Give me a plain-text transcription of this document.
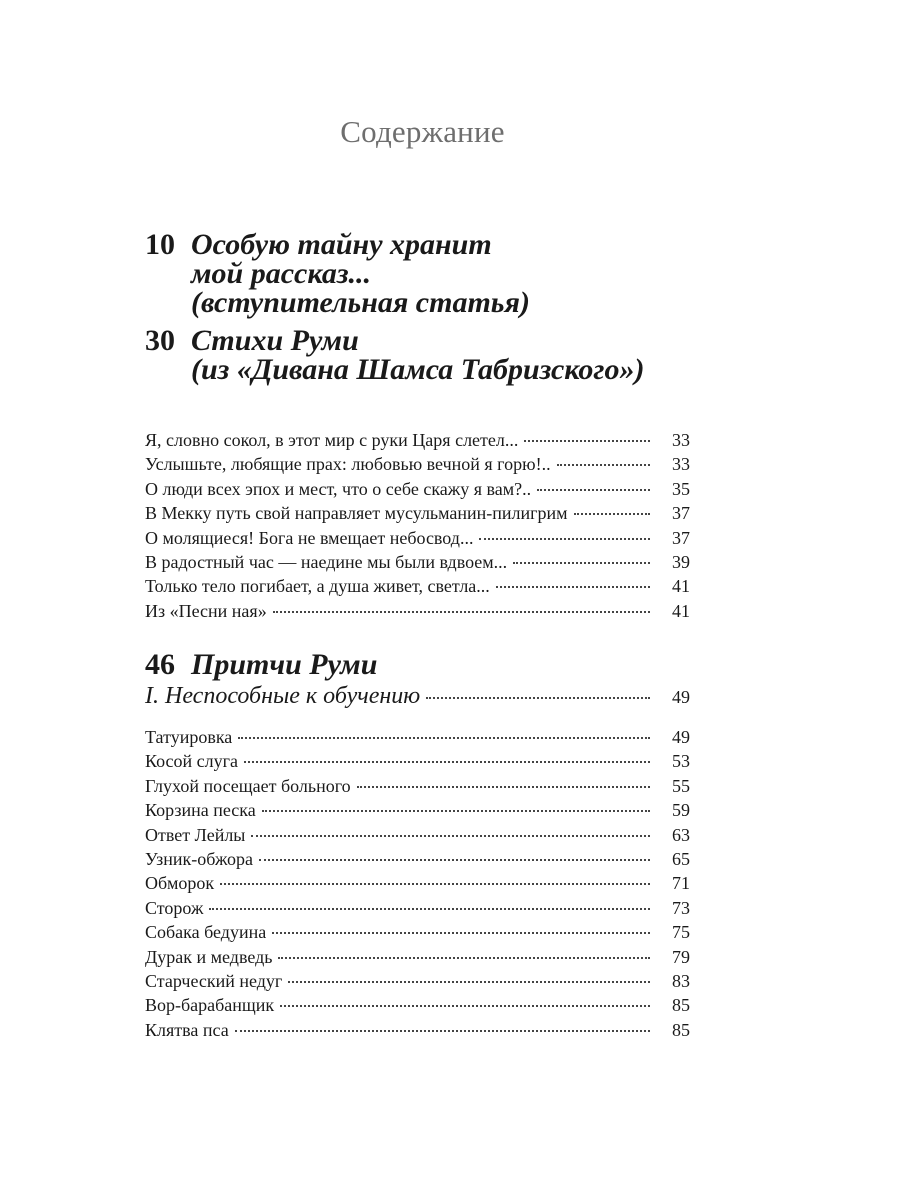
Содержание
10 Особую тайну хранит
мой рассказ...
(вступительная статья)
30 Стихи Руми
(из «Дивана Шамса Табризского»)
Я, словно сокол, в этот мир с руки Царя слетел...	33
Услышьте, любящие прах: любовью вечной я горю!..	33
О люди всех эпох и мест, что о себе скажу я вам?..	35
В Мекку путь свой направляет мусульманин-пилигрим	37
О молящиеся! Бога не вмещает небосвод...	37
В радостный час — наедине мы были вдвоем...	39
Только тело погибает, а душа живет, светла...	41
Из «Песни ная»	41
46 Притчи Руми
I. Неспособные к обучению	49
Татуировка	49
Косой слуга	53
Глухой посещает больного	55
Корзина песка	59
Ответ Лейлы	63
Узник-обжора	65
Обморок	71
Сторож	73
Собака бедуина	75
Дурак и медведь	79
Старческий недуг	83
Вор-барабанщик	85
Клятва пса	85
